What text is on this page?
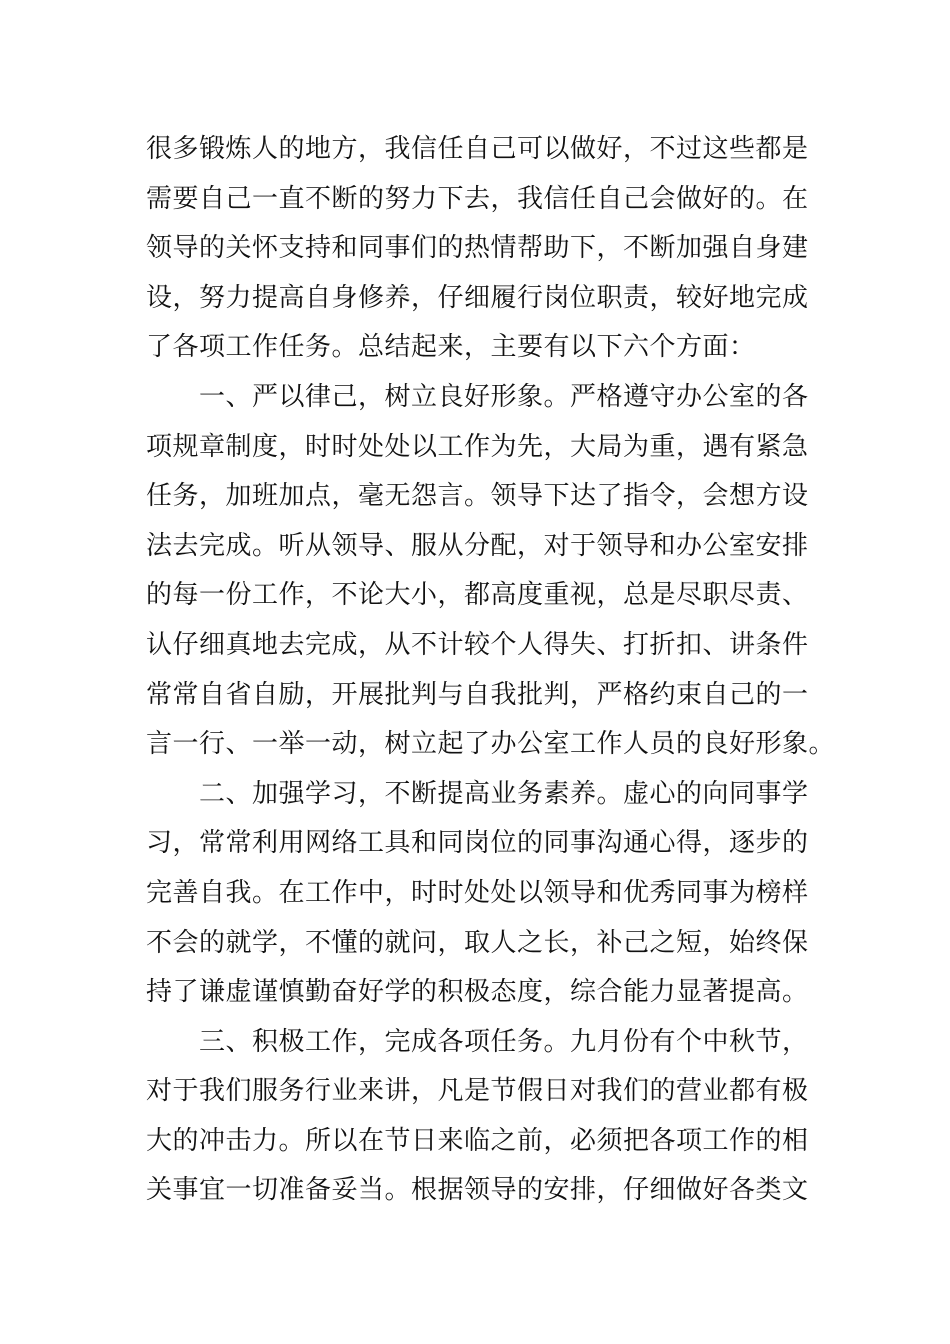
很多锻炼人的地方，我信任自己可以做好，不过这些都是
需要自己一直不断的努力下去，我信任自己会做好的。在
领导的关怀支持和同事们的热情帮助下，不断加强自身建
设，努力提高自身修养，仔细履行岗位职责，较好地完成
了各项工作任务。总结起来，主要有以下六个方面：
　　一、严以律己，树立良好形象。严格遵守办公室的各
项规章制度，时时处处以工作为先，大局为重，遇有紧急
任务，加班加点，毫无怨言。领导下达了指令，会想方设
法去完成。听从领导、服从分配，对于领导和办公室安排
的每一份工作，不论大小，都高度重视，总是尽职尽责、
认仔细真地去完成，从不计较个人得失、打折扣、讲条件
常常自省自励，开展批判与自我批判，严格约束自己的一
言一行、一举一动，树立起了办公室工作人员的良好形象。
　　二、加强学习，不断提高业务素养。虚心的向同事学
习，常常利用网络工具和同岗位的同事沟通心得，逐步的
完善自我。在工作中，时时处处以领导和优秀同事为榜样
不会的就学，不懂的就问，取人之长，补己之短，始终保
持了谦虚谨慎勤奋好学的积极态度，综合能力显著提高。
　　三、积极工作，完成各项任务。九月份有个中秋节，
对于我们服务行业来讲，凡是节假日对我们的营业都有极
大的冲击力。所以在节日来临之前，必须把各项工作的相
关事宜一切准备妥当。根据领导的安排，仔细做好各类文
